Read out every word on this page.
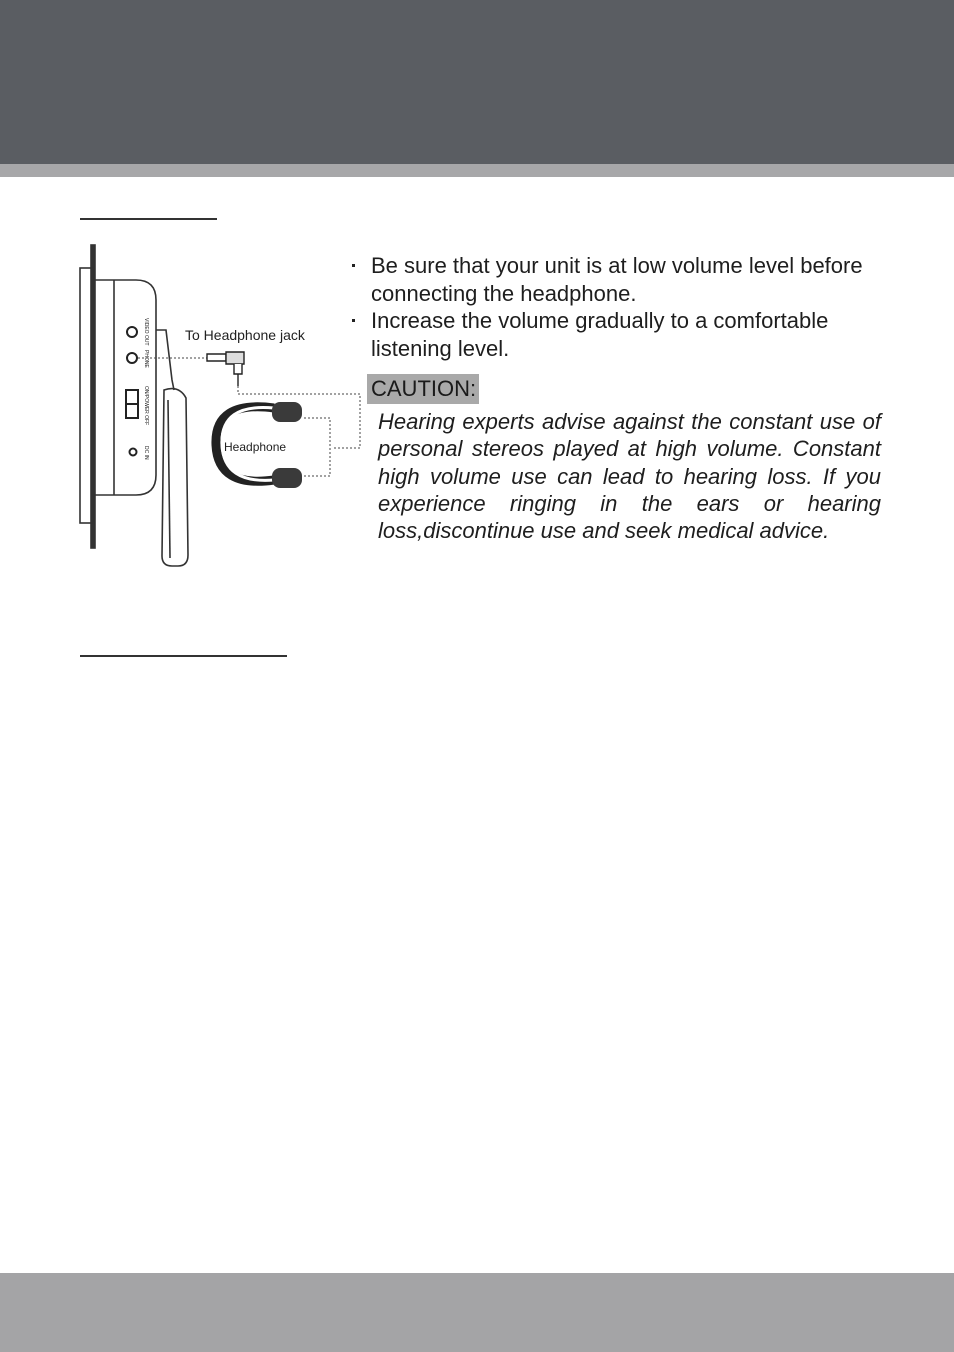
VIDEO OUT
PHONE
ON/POWER OFF
DC IN
To Headphone jack
Headphone
Be sure that your unit is at low volume level before connecting the headphone.
Increase the volume gradually to a comfortable listening level.
CAUTION:
Hearing experts advise against the constant use of personal stereos played at high volume. Constant high volume use can lead to hearing loss. If you experience ringing in the ears or hearing loss,discontinue use and seek medical advice.
